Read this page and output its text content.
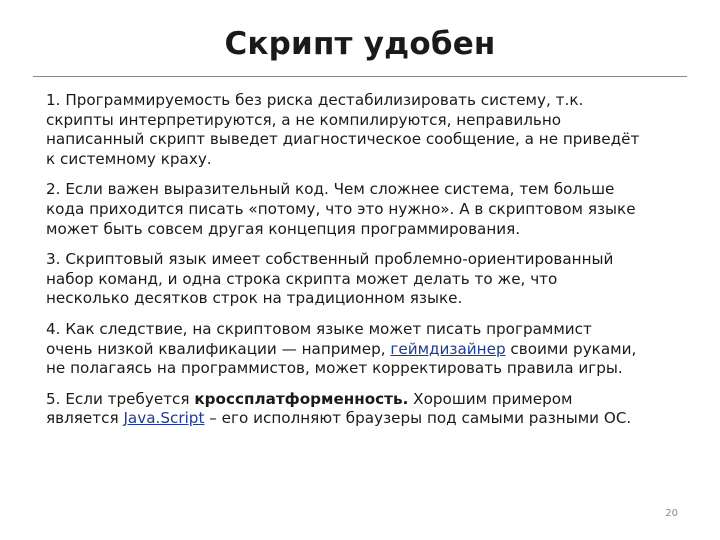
Скрипт удобен
1. Программируемость без риска дестабилизировать систему, т.к.
скрипты интерпретируются, а не компилируются, неправильно
написанный скрипт выведет диагностическое сообщение, а не приведёт
к системному краху.
2. Если важен выразительный код. Чем сложнее система, тем больше
кода приходится писать «потому, что это нужно». А в скриптовом языке
может быть совсем другая концепция программирования.
3. Скриптовый язык имеет собственный проблемно-ориентированный
набор команд, и одна строка скрипта может делать то же, что
несколько десятков строк на традиционном языке.
4. Как следствие, на скриптовом языке может писать программист
очень низкой квалификации — например, геймдизайнер своими руками,
не полагаясь на программистов, может корректировать правила игры.
5. Если требуется кроссплатформенность. Хорошим примером
является Java.Script – его исполняют браузеры под самыми разными ОС.
20
